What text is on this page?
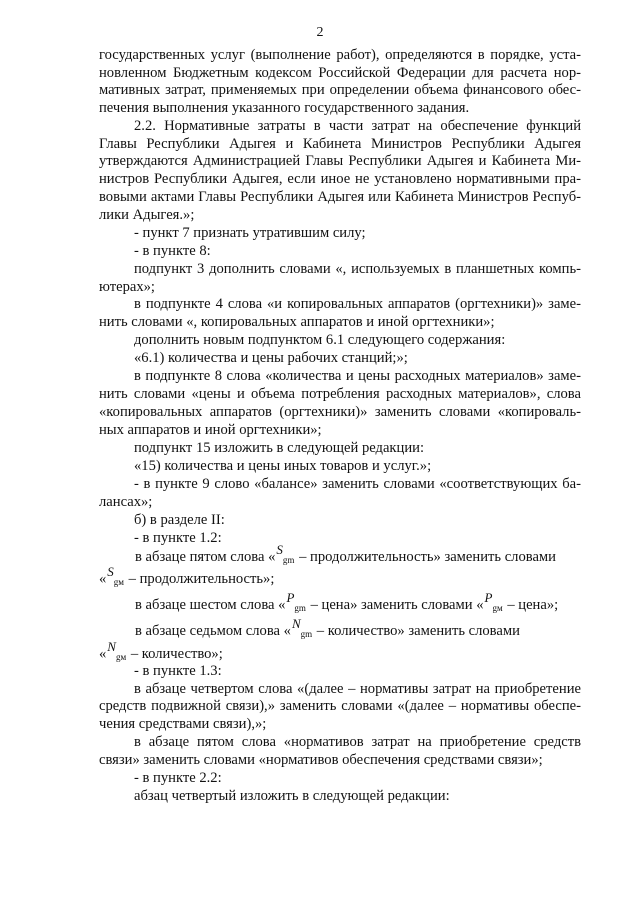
2
государственных услуг (выполнение работ), определяются в порядке, уста-
новленном Бюджетным кодексом Российской Федерации для расчета нор-
мативных затрат, применяемых при определении объема финансового обес-
печения выполнения указанного государственного задания.
2.2. Нормативные затраты в части затрат на обеспечение функций
Главы Республики Адыгея и Кабинета Министров Республики Адыгея
утверждаются Администрацией Главы Республики Адыгея и Кабинета Ми-
нистров Республики Адыгея, если иное не установлено нормативными пра-
вовыми актами Главы Республики Адыгея или Кабинета Министров Респуб-
лики Адыгея.»;
- пункт 7 признать утратившим силу;
- в пункте 8:
подпункт 3 дополнить словами «, используемых в планшетных компь-
ютерах»;
в подпункте 4 слова «и копировальных аппаратов (оргтехники)» заме-
нить словами «, копировальных аппаратов и иной оргтехники»;
дополнить новым подпунктом 6.1 следующего содержания:
«6.1) количества и цены рабочих станций;»;
в подпункте 8 слова «количества и цены расходных материалов» заме-
нить словами «цены и объема потребления расходных материалов», слова
«копировальных аппаратов (оргтехники)» заменить словами «копироваль-
ных аппаратов и иной оргтехники»;
подпункт 15 изложить в следующей редакции:
«15) количества и цены иных товаров и услуг.»;
- в пункте 9 слово «балансе» заменить словами «соответствующих ба-
лансах»;
б) в разделе II:
- в пункте 1.2:
в абзаце пятом слова «Sgm – продолжительность» заменить словами
«Sgм – продолжительность»;
в абзаце шестом слова «Pgm – цена» заменить словами «Pgм – цена»;
в абзаце седьмом слова «Ngm – количество» заменить словами
«Ngм – количество»;
- в пункте 1.3:
в абзаце четвертом слова «(далее – нормативы затрат на приобретение
средств подвижной связи),» заменить словами «(далее – нормативы обеспе-
чения средствами связи),»;
в абзаце пятом слова «нормативов затрат на приобретение средств
связи» заменить словами «нормативов обеспечения средствами связи»;
- в пункте 2.2:
абзац четвертый изложить в следующей редакции:
